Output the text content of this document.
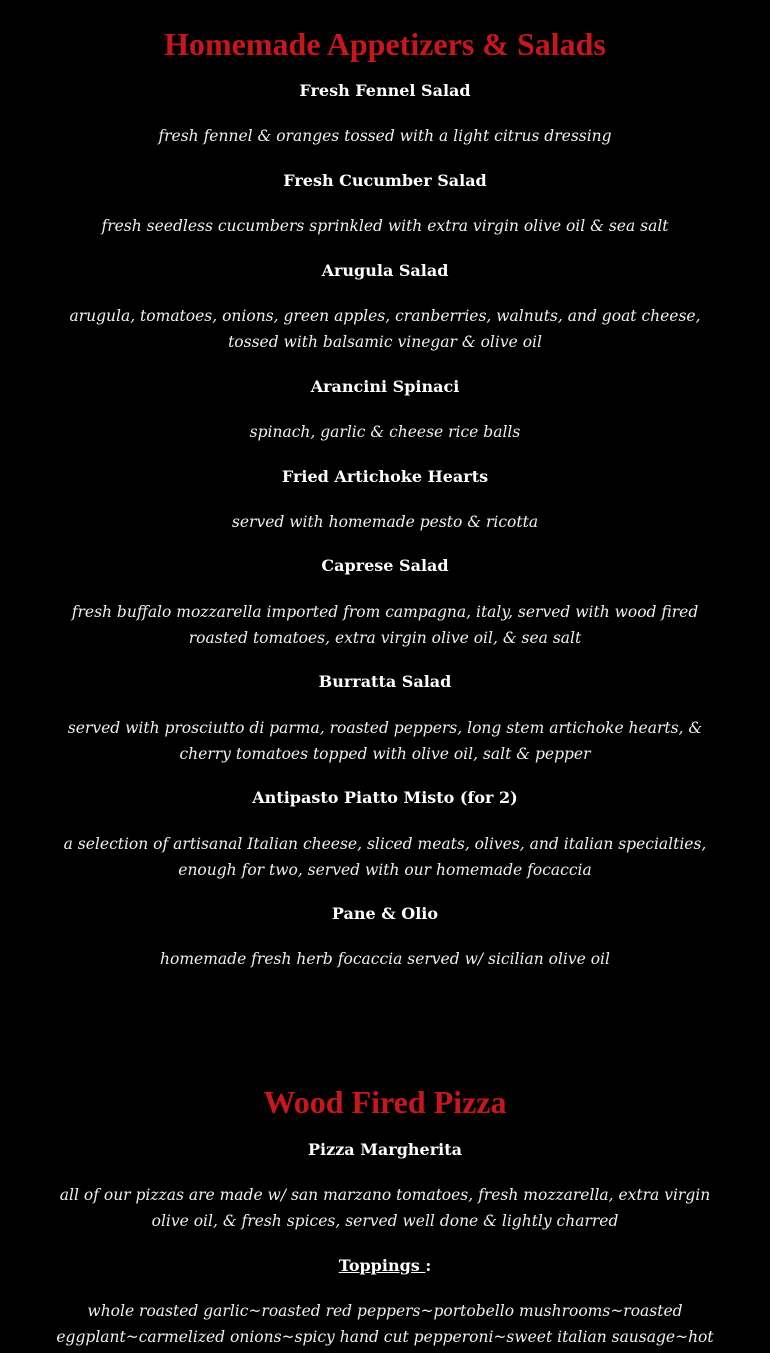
Homemade Appetizers & Salads

Fresh Fennel Salad

fresh fennel & oranges tossed with a light citrus dressing

Fresh Cucumber Salad

fresh seedless cucumbers sprinkled with extra virgin olive oil & sea salt

Arugula Salad

arugula, tomatoes, onions, green apples, cranberries, walnuts, and goat cheese, tossed with balsamic vinegar & olive oil

Arancini Spinaci

spinach, garlic & cheese rice balls

Fried Artichoke Hearts

served with homemade pesto & ricotta

Caprese Salad

fresh buffalo mozzarella imported from campagna, italy, served with wood fired roasted tomatoes, extra virgin olive oil, & sea salt

Burratta Salad

served with prosciutto di parma, roasted peppers, long stem artichoke hearts, & cherry tomatoes topped with olive oil, salt & pepper

Antipasto Piatto Misto (for 2)

a selection of artisanal Italian cheese, sliced meats, olives, and italian specialties, enough for two, served with our homemade focaccia

Pane & Olio

homemade fresh herb focaccia served w/ sicilian olive oil

Wood Fired Pizza

Pizza Margherita

all of our pizzas are made w/ san marzano tomatoes, fresh mozzarella, extra virgin olive oil, & fresh spices, served well done & lightly charred

Toppings :

whole roasted garlic~roasted red peppers~portobello mushrooms~roasted eggplant~carmelized onions~spicy hand cut pepperoni~sweet italian sausage~hot
